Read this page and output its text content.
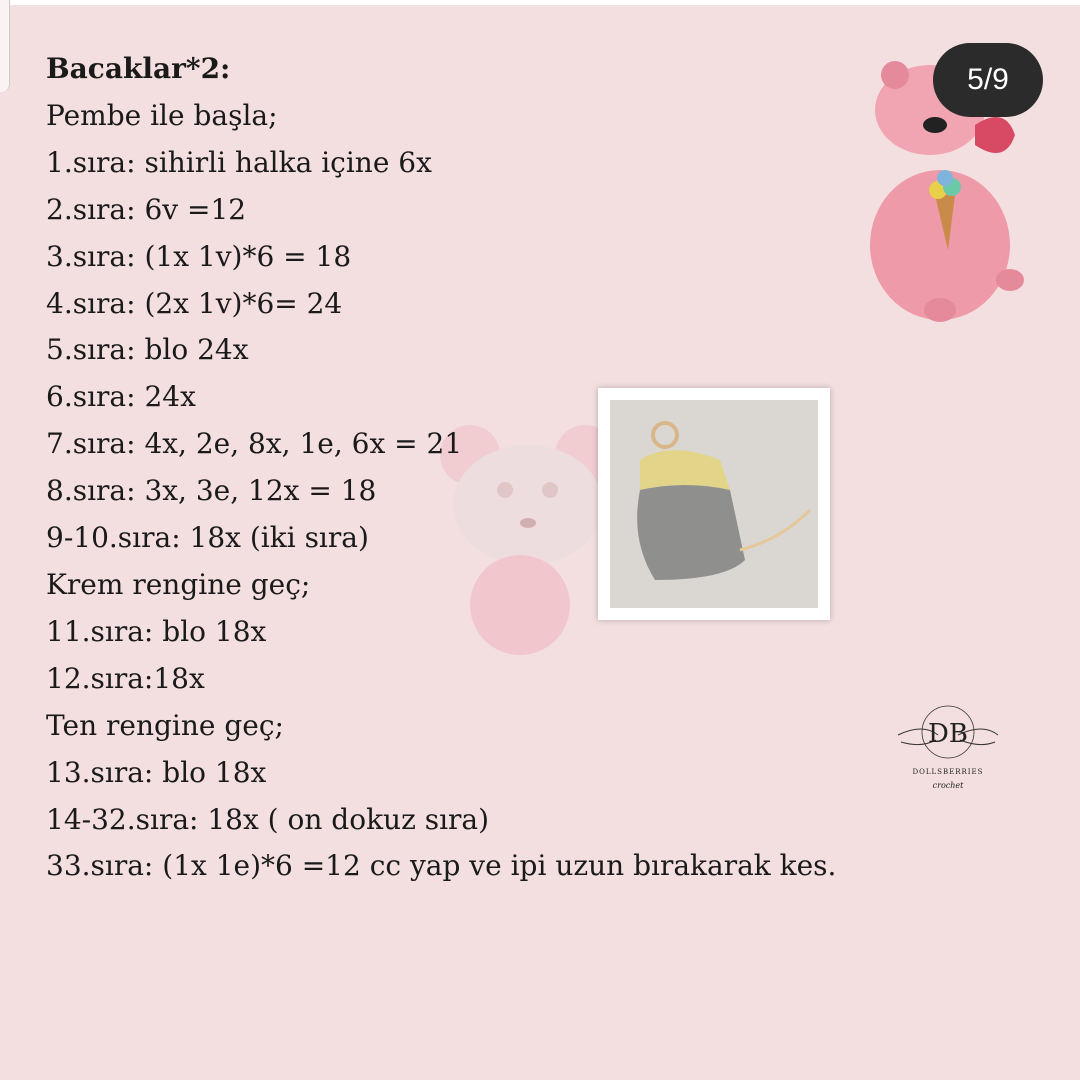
5/9
Bacaklar*2:
Pembe ile başla;
1.sıra: sihirli halka içine 6x
2.sıra: 6v =12
3.sıra: (1x 1v)*6 = 18
4.sıra: (2x 1v)*6= 24
5.sıra: blo 24x
6.sıra: 24x
7.sıra: 4x, 2e, 8x, 1e, 6x = 21
8.sıra: 3x, 3e, 12x = 18
9-10.sıra: 18x (iki sıra)
Krem rengine geç;
11.sıra: blo 18x
12.sıra:18x
Ten rengine geç;
13.sıra: blo 18x
14-32.sıra: 18x ( on dokuz sıra)
33.sıra: (1x 1e)*6 =12 cc yap ve ipi uzun bırakarak kes.
DB
DOLLSBERRIES
crochet
